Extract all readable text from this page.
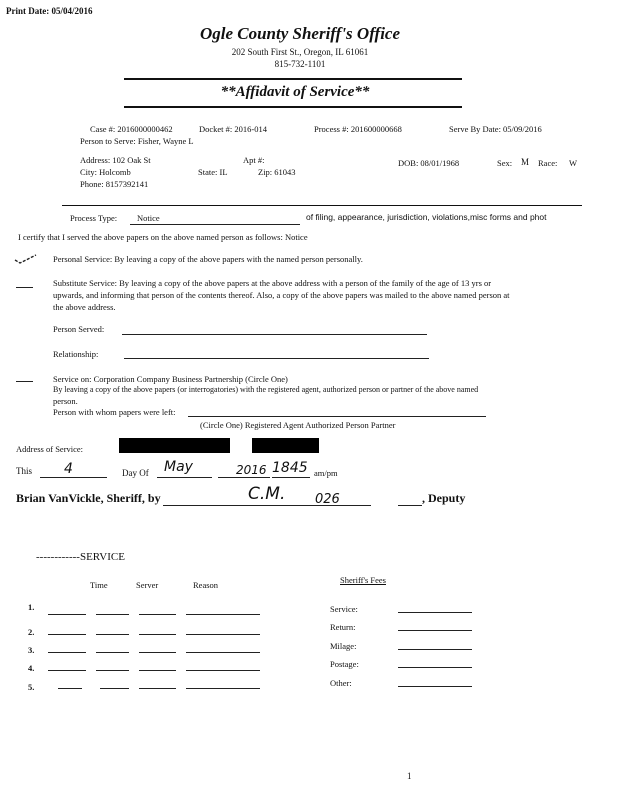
Print Date: 05/04/2016
Ogle County Sheriff's Office
202 South First St., Oregon, IL 61061
815-732-1101
**Affidavit of Service**
Case #: 2016000000462	Docket #: 2016-014	Process #: 201600000668	Serve By Date: 05/09/2016
Person to Serve: Fisher, Wayne L
Address: 102 Oak St	Apt #:
City: Holcomb	State: IL	Zip: 61043
Phone: 8157392141
DOB: 08/01/1968	Sex: M Race: W
Process Type: Notice	of filing, appearance, jurisdiction, violations,misc forms and phot
I certify that I served the above papers on the above named person as follows: Notice
Personal Service: By leaving a copy of the above papers with the named person personally.
Substitute Service: By leaving a copy of the above papers at the above address with a person of the family of the age of 13 yrs or
upwards, and informing that person of the contents thereof. Also, a copy of the above papers was mailed to the above named person at
the above address.
Person Served:
Relationship:
Service on: Corporation Company Business Partnership (Circle One)
By leaving a copy of the above papers (or interrogatories) with the registered agent, authorized person or partner of the above named
person.
Person with whom papers were left:
(Circle One) Registered Agent Authorized Person Partner
Address of Service:
This 4	Day Of May	2016 1845 am/pm
Brian VanVickle, Sheriff, by	C.M. 026	, Deputy
------------SERVICE
Time	Server	Reason
1.
2.
3.
4.
5.
Sheriff's Fees
Service:
Return:
Milage:
Postage:
Other:
1
